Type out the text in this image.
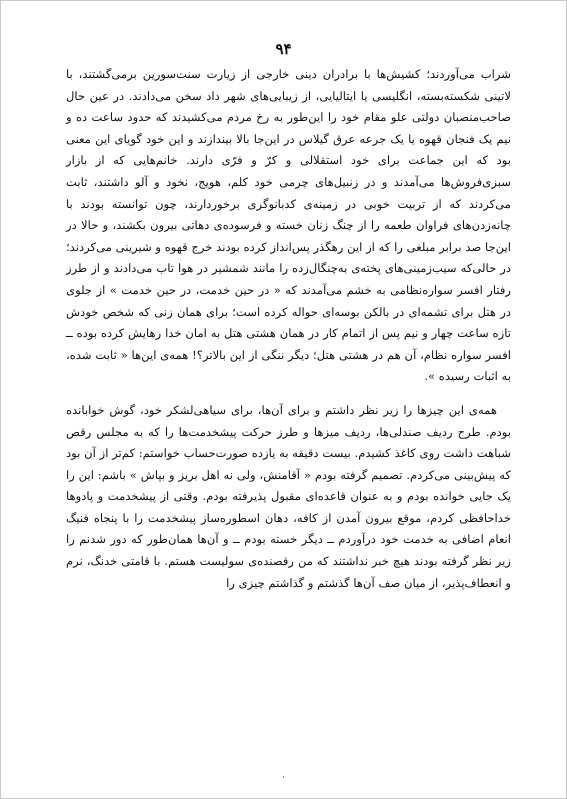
۹۴

شراب می‌آوردند؛ کشیش‌ها با برادران دینی خارجی از زیارت سنت‌سورین برمی‌گشتند، با لاتینی شکسته‌بسته، انگلیسی یا ایتالیایی، از زیبایی‌های شهر داد سخن می‌دادند. در عین حال صاحب‌منصبان دولتی علو مقام خود را این‌طور به رخ مردم می‌کشیدند که حدود ساعت ده و نیم یک فنجان قهوه یا یک جرعه عرق گیلاس در این‌جا بالا بیندازند و این خود گویای این معنی بود که این جماعت برای خود استقلالی و کرّ و فرّی دارند. خانم‌هایی که از بازار سبزی‌فروش‌ها می‌آمدند و در زنبیل‌های چرمی خود کلم، هویج، نخود و آلو داشتند، ثابت می‌کردند که از تربیت خوبی در زمینه‌ی کدبانوگری برخوردارند، چون توانسته بودند با چانه‌زدن‌های فراوان طعمه را از چنگ زنان خسته و فرسوده‌ی دهاتی بیرون بکشند، و حالا در این‌جا صد برابر مبلغی را که از این رهگذر پس‌انداز کرده بودند خرج قهوه و شیرینی می‌کردند؛ در حالی‌که سیب‌زمینی‌های پخته‌ی به‌چنگال‌زده را مانند شمشیر در هوا تاب می‌دادند و از طرز رفتار افسر سواره‌نظامی به خشم می‌آمدند که « در حین خدمت، در حین خدمت » از جلوی در هتل برای تشمه‌ای در بالکن بوسه‌ای حواله کرده است؛ برای همان زنی که شخص خودش تازه ساعت چهار و نیم پس از اتمام کار در همان هشتی هتل به امان خدا رهایش کرده بوده ــ افسر سواره نظام، آن هم در هشتی هتل؛ دیگر ننگی از این بالاتر؟! همه‌ی این‌ها « ثابت شده، به اثبات رسیده ».

همه‌ی این چیزها را زیر نظر داشتم و برای آن‌ها، برای سیاهی‌لشکر خود، گوش خوابانده بودم. طرح ردیف صندلی‌ها، ردیف میزها و طرز حرکت پیشخدمت‌ها را که به مجلس رقص شباهت داشت روی کاغذ کشیدم. بیست دقیقه به یازده صورت‌حساب خواستم: کم‌تر از آن بود که پیش‌بینی می‌کردم. تصمیم گرفته بودم « آقامنش، ولی نه اهل بریز و بپاش » باشم: این را یک جایی خوانده بودم و به عنوان قاعده‌ای مقبول پذیرفته بودم. وقتی از پیشخدمت و پادوها خداحافظی کردم، موقع بیرون آمدن از کافه، دهان اسطوره‌ساز پیشخدمت را با پنجاه فنیگ انعام اضافی به خدمت خود درآوردم ــ دیگر خسته بودم ــ و آن‌ها همان‌طور که دور شدنم را زیر نظر گرفته بودند هیچ خبر نداشتند که من رقصنده‌ی سولیست هستم. با قامتی خدنگ، نرم و انعطاف‌پذیر، از میان صف آن‌ها گذشتم و گذاشتم چیزی را

۰
